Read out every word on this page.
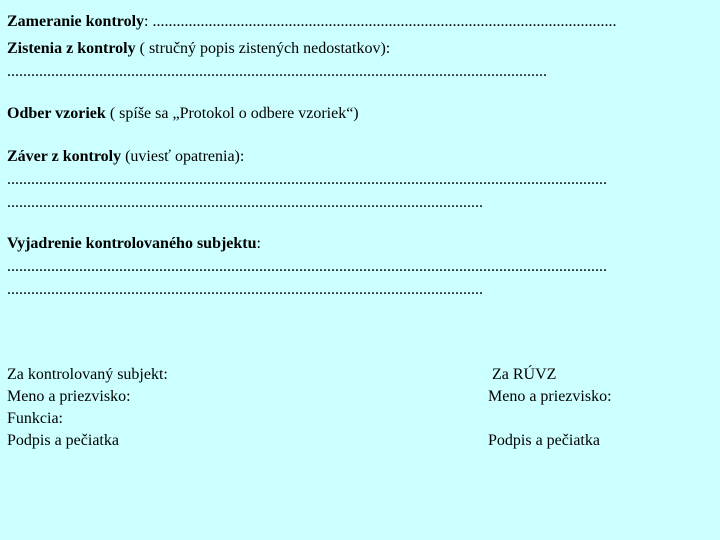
Zameranie kontroly: ....................................................................................................................
Zistenia z kontroly ( stručný popis zistených nedostatkov):
.......................................................................................................................................
Odber vzoriek ( spíše sa „Protokol o odbere vzoriek“)
Záver z kontroly (uviesť opatrenia):
......................................................................................................................................................
.......................................................................................................................
Vyjadrenie kontrolovaného subjektu:
......................................................................................................................................................
.......................................................................................................................
Za kontrolovaný subjekt:
Meno a priezvisko:
Funkcia:
Podpis a pečiatka
Za RÚVZ
Meno a priezvisko:
Podpis a pečiatka
